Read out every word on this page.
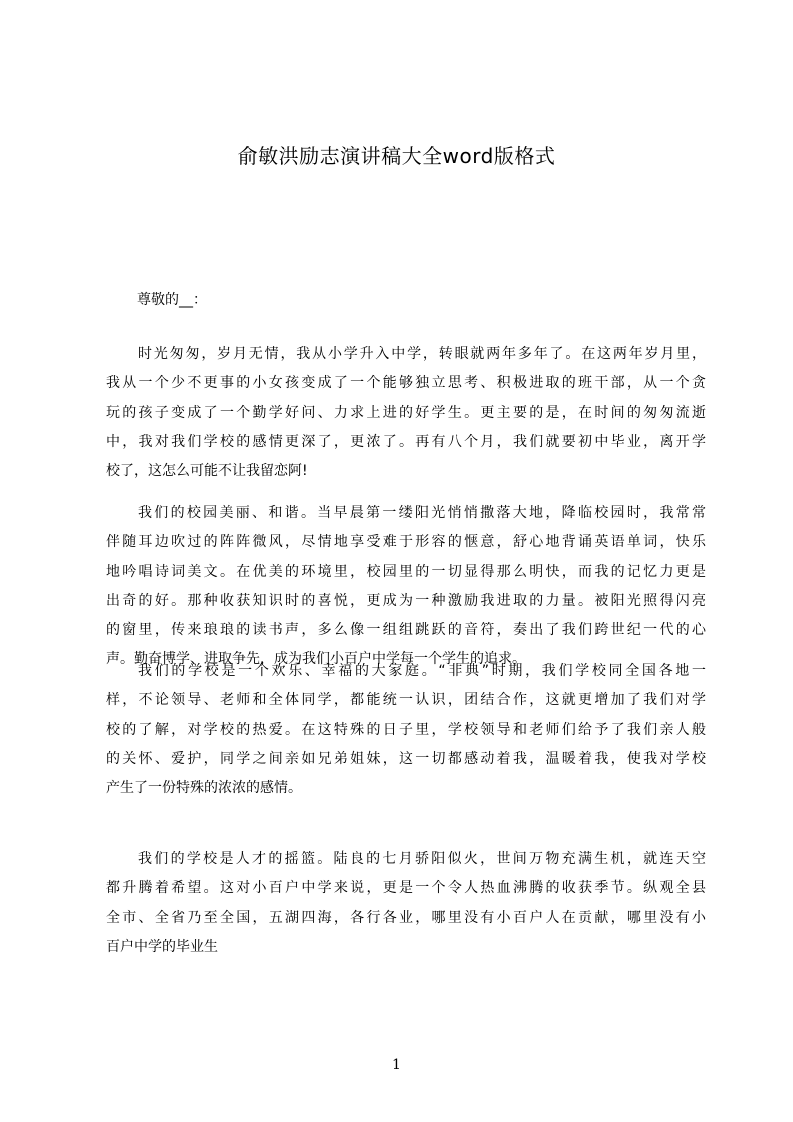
俞敏洪励志演讲稿大全word版格式
尊敬的__：
时光匆匆，岁月无情，我从小学升入中学，转眼就两年多年了。在这两年岁月里，
我从一个少不更事的小女孩变成了一个能够独立思考、积极进取的班干部，从一个贪
玩的孩子变成了一个勤学好问、力求上进的好学生。更主要的是，在时间的匆匆流逝
中，我对我们学校的感情更深了，更浓了。再有八个月，我们就要初中毕业，离开学
校了，这怎么可能不让我留恋阿!
我们的校园美丽、和谐。当早晨第一缕阳光悄悄撒落大地，降临校园时，我常常
伴随耳边吹过的阵阵微风，尽情地享受难于形容的惬意，舒心地背诵英语单词，快乐
地吟唱诗词美文。在优美的环境里，校园里的一切显得那么明快，而我的记忆力更是
出奇的好。那种收获知识时的喜悦，更成为一种激励我进取的力量。被阳光照得闪亮
的窗里，传来琅琅的读书声，多么像一组组跳跃的音符，奏出了我们跨世纪一代的心
声。勤奋博学、进取争先，成为我们小百户中学每一个学生的追求。
我们的学校是一个欢乐、幸福的大家庭。“非典”时期，我们学校同全国各地一
样，不论领导、老师和全体同学，都能统一认识，团结合作，这就更增加了我们对学
校的了解，对学校的热爱。在这特殊的日子里，学校领导和老师们给予了我们亲人般
的关怀、爱护，同学之间亲如兄弟姐妹，这一切都感动着我，温暖着我，使我对学校
产生了一份特殊的浓浓的感情。
我们的学校是人才的摇篮。陆良的七月骄阳似火，世间万物充满生机，就连天空
都升腾着希望。这对小百户中学来说，更是一个令人热血沸腾的收获季节。纵观全县
全市、全省乃至全国，五湖四海，各行各业，哪里没有小百户人在贡献，哪里没有小
百户中学的毕业生
1
